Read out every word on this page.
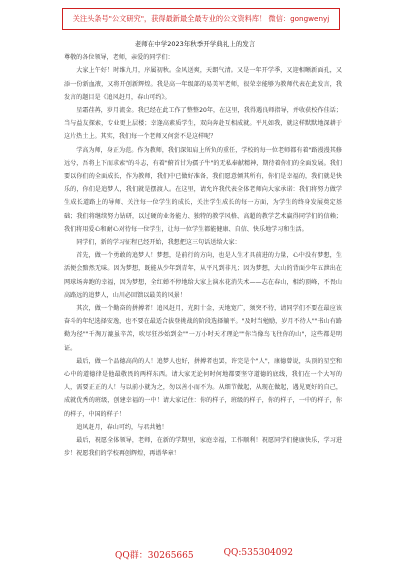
关注头条号"公文研究"，获得最新最全最专业的公文资料库！ 微信：gongwenyj

老师在中学2023年秋季开学典礼上的发言

尊敬的各位领导，老师，亲爱的同学们：

大家上午好！时维九月，序属初秋。金风送爽，天朗气清。又是一年开学季，又迎相晰新面孔，又添一份新血液，又将开创新辉煌。我是高一年级部的易美军老师，很荣幸能够为教师代表在此发言，我发言的题目是《追风赶月，春山可约》。

星霜荏苒，岁月流金。我已经在此工作了整整20年，在这里，我得遇良师指导，并收获校作佳话；当与益友探索，专业更上层楼；幸逢高素质学生，双向奔赴互相成就。平凡如我，就这样默默地深耕于这片热土上。其实，我们每一个老师又何尝不是这样呢？

学高为师，身正为范。作为教师，我们深知肩上所负的重任，学校的每一位老师都有着"路漫漫其修远兮，吾将上下而求索"的斗志，有着"俯首甘为孺子牛"的无私奉献精神，期待着你们的全面发展。我们要以你们的全面成长，作为教师，我们中已做好准备，我们愿意倾其所有，你们是幸福的，我们就是快乐的，你们是追梦人，我们就是摆渡人。在这里，请允许我代表全体老师向大家承诺：我们将努力做学生成长道路上的导师、关注每一位学生的成长，关注学生成长的每一方面，为学生的终身发展奠定基础；我们将继续努力钻研，以过硬的业务能力、独特的教学风格、高超的教学艺术赢得同学们的信赖；我们将用爱心和耐心对待每一位学生，让每一位学生都能健康、自信、快乐地学习和生活。

同学们，新的学习征程已经开始，我想把这三句话送给大家：

首先，做一个勇敢的追梦人！梦想，是前行的方向，也是人生才具前进的力量，心中没有梦想，生活便会黯然无味。因为梦想，既能从少年到青年，从平凡到非凡；因为梦想，大山的背面少年五泄出在网球场奔跑的幸福，因为梦想，全红婵不停地给大家上演水花消失术——志在春山，相约顶峰，不畏山高路远的追梦人，山川必回馈以最美的风景！

其次，做一个勤奋的拼搏者！追风赶月，光阴十金，天地宽广，须突不待，请同学们不要在最应该奋斗的年纪选择安逸，也不要在最适合拔登挑战的阶段选择躺平。"及时当勉励，岁月不待人""书山有路勤为径""千淘万漉虽辛苦，吹尽狂沙始到金""一万小时天才理论""你当像鸟飞往你的山"，这些都是明证。

最后，做一个品德高尚的人！追梦人也好，拼搏者也罢，许完是个"人"，康德曾说，头顶的星空和心中的道德律是他最敬畏的两样东西。请大家无论何时何地都要坚守道德的底线，我们在一个大写的人，需要正正的人！与以前小就为之，勿以善小而不为。从细节做起，从现在做起，遇见更好的自己，成就优秀的班级，创建幸福的一中！请大家记住：你的样子，班级的样子，你的样子，一中的样子，你的样子，中国的样子！

追风赶月，春山可约，与君共勉！

最后，祝愿全体领导，老师，在新的学期里，家庭幸福，工作顺利！祝愿同学们健康快乐，学习进步！祝愿我们的学校再创辉煌，再谱华章！

QQ群：30265665	QQ:535304092
